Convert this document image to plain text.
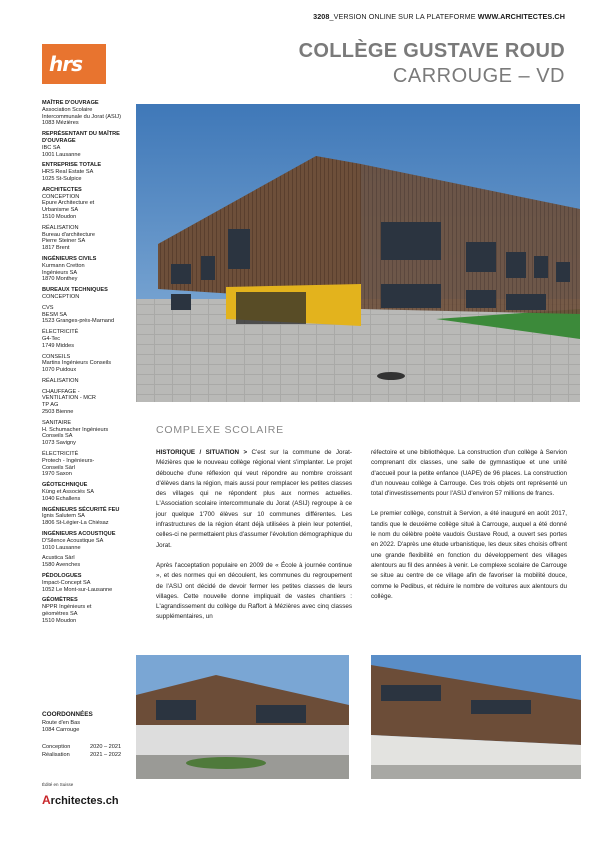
3208_VERSION ONLINE SUR LA PLATEFORME WWW.ARCHITECTES.CH
hrs
COLLÈGE GUSTAVE ROUD
CARROUGE – VD
MAÎTRE D'OUVRAGE
Association Scolaire
Intercommunale du Jorat (ASIJ)
1083 Mézières
REPRÉSENTANT DU MAÎTRE D'OUVRAGE
IBC SA
1001 Lausanne
ENTREPRISE TOTALE
HRS Real Estate SA
1025 St-Sulpice
ARCHITECTES
CONCEPTION
Epure Architecture et
Urbanisme SA
1510 Moudon
RÉALISATION
Bureau d'architecture
Pierre Steiner SA
1817 Brent
INGÉNIEURS CIVILS
Kurmann Cretton
Ingénieurs SA
1870 Monthey
BUREAUX TECHNIQUES
CONCEPTION
CVS
BESM SA
1523 Granges-près-Marnand
ÉLECTRICITÉ
G4-Tec
1749 Middes
CONSEILS
Martins Ingénieurs Conseils
1070 Puidoux
RÉALISATION
CHAUFFAGE -
VENTILATION - MCR
TP AG
2503 Bienne
SANITAIRE
H. Schumacher Ingénieurs
Conseils SA
1073 Savigny
ÉLECTRICITÉ
Protech - Ingénieurs-
Conseils Sàrl
1970 Saxon
GÉOTECHNIQUE
Küng et Associés SA
1040 Echallens
INGÉNIEURS SÉCURITÉ FEU
Ignis Salutem SA
1806 St-Légier-La Chiésaz
INGÉNIEURS ACOUSTIQUE
D'Silence Acoustique SA
1010 Lausanne
Acustica Sàrl
1580 Avenches
PÉDOLOGUES
Impact-Concept SA
1052 Le Mont-sur-Lausanne
GÉOMÈTRES
NPPR Ingénieurs et
géomètres SA
1510 Moudon
COMPLEXE SCOLAIRE

HISTORIQUE / SITUATION > C'est sur la commune de Jorat-Mézières que le nouveau collège régional vient s'implanter. Le projet débouche d'une réflexion qui veut répondre au nombre croissant d'élèves dans la région, mais aussi pour remplacer les petites classes des villages qui ne répondent plus aux normes actuelles. L'Association scolaire intercommunale du Jorat (ASIJ) regroupe à ce jour quelque 1'700 élèves sur 10 communes différentes. Les infrastructures de la région étant déjà utilisées à plein leur potentiel, celles-ci ne permettaient plus d'assumer l'évolution démographique du Jorat.

Après l'acceptation populaire en 2009 de « École à journée continue », et des normes qui en découlent, les communes du regroupement de l'ASIJ ont décidé de devoir fermer les petites classes de leurs villages. Cette nouvelle donne impliquait de vastes chantiers : L'agrandissement du collège du Raffort à Mézières avec cinq classes supplémentaires, un

réfectoire et une bibliothèque. La construction d'un collège à Servion comprenant dix classes, une salle de gymnastique et une unité d'accueil pour la petite enfance (UAPE) de 96 places. La construction d'un nouveau collège à Carrouge. Ces trois objets ont représenté un total d'investissements pour l'ASIJ d'environ 57 millions de francs.

Le premier collège, construit à Servion, a été inauguré en août 2017, tandis que le deuxième collège situé à Carrouge, auquel a été donné le nom du célèbre poète vaudois Gustave Roud, a ouvert ses portes en 2022. D'après une étude urbanistique, les deux sites choisis offrent une grande flexibilité en fonction du développement des villages alentours au fil des années à venir. Le complexe scolaire de Carrouge se situe au centre de ce village afin de favoriser la mobilité douce, comme le Pedibus, et réduire le nombre de voitures aux alentours du collège.

COORDONNÉES
Route d'en Bas
1084 Carrouge
Conception	2020 – 2021
Réalisation	2021 – 2022
Édité en Suisse
Architectes.ch
